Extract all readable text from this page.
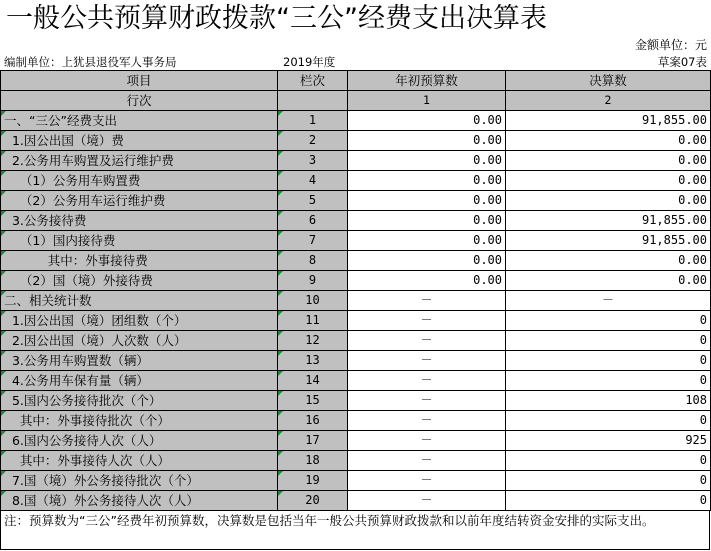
一般公共预算财政拨款“三公”经费支出决算表
金额单位：元
编制单位：上犹县退役军人事务局	2019年度	草案07表
项目	栏次	年初预算数	决算数
行次		1	2
一、“三公”经费支出	1	0.00	91,855.00
1.因公出国（境）费	2	0.00	0.00
2.公务用车购置及运行维护费	3	0.00	0.00
（1）公务用车购置费	4	0.00	0.00
（2）公务用车运行维护费	5	0.00	0.00
3.公务接待费	6	0.00	91,855.00
（1）国内接待费	7	0.00	91,855.00
其中：外事接待费	8	0.00	0.00
（2）国（境）外接待费	9	0.00	0.00
二、相关统计数	10	－	－
1.因公出国（境）团组数（个）	11	－	0
2.因公出国（境）人次数（人）	12	－	0
3.公务用车购置数（辆）	13	－	0
4.公务用车保有量（辆）	14	－	0
5.国内公务接待批次（个）	15	－	108
其中：外事接待批次（个）	16	－	0
6.国内公务接待人次（人）	17	－	925
其中：外事接待人次（人）	18	－	0
7.国（境）外公务接待批次（个）	19	－	0
8.国（境）外公务接待人次（人）	20	－	0
注：预算数为“三公”经费年初预算数，决算数是包括当年一般公共预算财政拨款和以前年度结转资金安排的实际支出。
